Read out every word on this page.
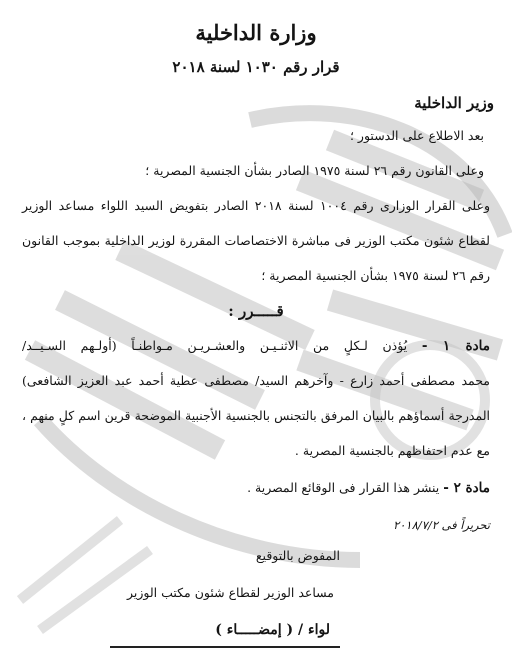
وزارة الداخلية
قرار رقم ١٠٣٠ لسنة ٢٠١٨
وزير الداخلية
بعد الاطلاع على الدستور ؛
وعلى القانون رقم ٢٦ لسنة ١٩٧٥ الصادر بشأن الجنسية المصرية ؛
وعلى القرار الوزارى رقم ١٠٠٤ لسنة ٢٠١٨ الصادر بتفويض السيد اللواء مساعد الوزير
لقطاع شئون مكتب الوزير فى مباشرة الاختصاصات المقررة لوزير الداخلية بموجب القانون
رقم ٢٦ لسنة ١٩٧٥ بشأن الجنسية المصرية ؛
قـــــرر :
مادة ١ - يُؤذن لـكلٍ من الاثنـيـن والعشـريـن مـواطنـاً (أولـهم السـيــد/
محمد مصطفى أحمد زارع - وآخرهم السيد/ مصطفى عطية أحمد عبد العزيز الشافعى)
المدرجة أسماؤهم بالبيان المرفق بالتجنس بالجنسية الأجنبية الموضحة قرين اسم كلٍ منهم ،
مع عدم احتفاظهم بالجنسية المصرية .
مادة ٢ - ينشر هذا القرار فى الوقائع المصرية .
تحريراً فى ٢٠١٨/٧/٢
المفوض بالتوقيع
مساعد الوزير لقطاع شئون مكتب الوزير
لواء / ( إمضـــــاء )
